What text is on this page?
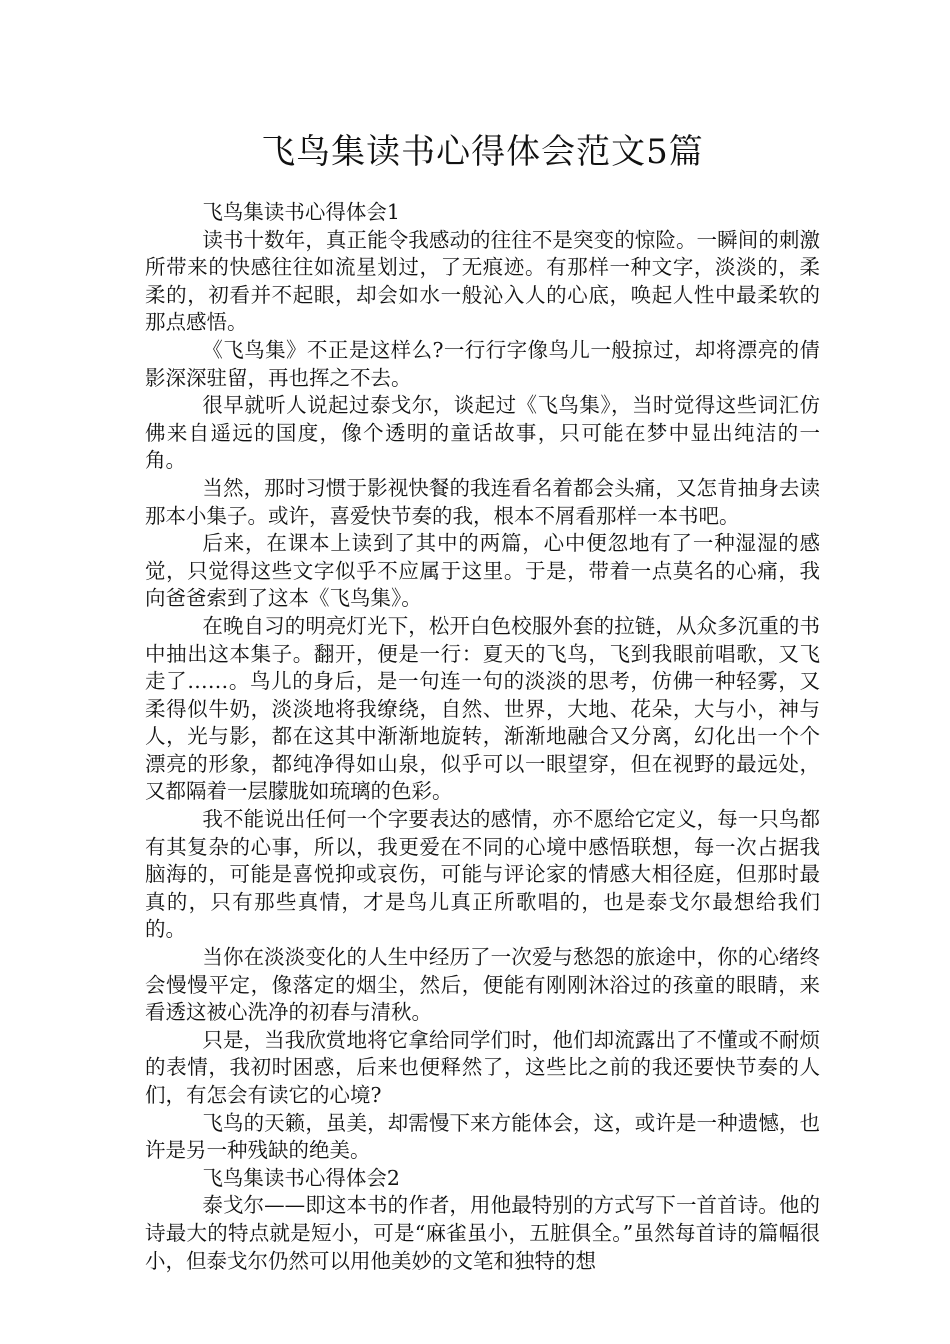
飞鸟集读书心得体会范文5篇

飞鸟集读书心得体会1

读书十数年，真正能令我感动的往往不是突变的惊险。一瞬间的刺激所带来的快感往往如流星划过，了无痕迹。有那样一种文字，淡淡的，柔柔的，初看并不起眼，却会如水一般沁入人的心底，唤起人性中最柔软的那点感悟。

《飞鸟集》不正是这样么?一行行字像鸟儿一般掠过，却将漂亮的倩影深深驻留，再也挥之不去。

很早就听人说起过泰戈尔，谈起过《飞鸟集》，当时觉得这些词汇仿佛来自遥远的国度，像个透明的童话故事，只可能在梦中显出纯洁的一角。

当然，那时习惯于影视快餐的我连看名着都会头痛，又怎肯抽身去读那本小集子。或许，喜爱快节奏的我，根本不屑看那样一本书吧。

后来，在课本上读到了其中的两篇，心中便忽地有了一种湿湿的感觉，只觉得这些文字似乎不应属于这里。于是，带着一点莫名的心痛，我向爸爸索到了这本《飞鸟集》。

在晚自习的明亮灯光下，松开白色校服外套的拉链，从众多沉重的书中抽出这本集子。翻开，便是一行：夏天的飞鸟，飞到我眼前唱歌，又飞走了……。鸟儿的身后，是一句连一句的淡淡的思考，仿佛一种轻雾，又柔得似牛奶，淡淡地将我缭绕，自然、世界，大地、花朵，大与小，神与人，光与影，都在这其中渐渐地旋转，渐渐地融合又分离，幻化出一个个漂亮的形象，都纯净得如山泉，似乎可以一眼望穿，但在视野的最远处，又都隔着一层朦胧如琉璃的色彩。

我不能说出任何一个字要表达的感情，亦不愿给它定义，每一只鸟都有其复杂的心事，所以，我更爱在不同的心境中感悟联想，每一次占据我脑海的，可能是喜悦抑或哀伤，可能与评论家的情感大相径庭，但那时最真的，只有那些真情，才是鸟儿真正所歌唱的，也是泰戈尔最想给我们的。

当你在淡淡变化的人生中经历了一次爱与愁怨的旅途中，你的心绪终会慢慢平定，像落定的烟尘，然后，便能有刚刚沐浴过的孩童的眼睛，来看透这被心洗净的初春与清秋。

只是，当我欣赏地将它拿给同学们时，他们却流露出了不懂或不耐烦的表情，我初时困惑，后来也便释然了，这些比之前的我还要快节奏的人们，有怎会有读它的心境?

飞鸟的天籁，虽美，却需慢下来方能体会，这，或许是一种遗憾，也许是另一种残缺的绝美。

飞鸟集读书心得体会2

泰戈尔——即这本书的作者，用他最特别的方式写下一首首诗。他的诗最大的特点就是短小，可是“麻雀虽小，五脏俱全。”虽然每首诗的篇幅很小，但泰戈尔仍然可以用他美妙的文笔和独特的想
